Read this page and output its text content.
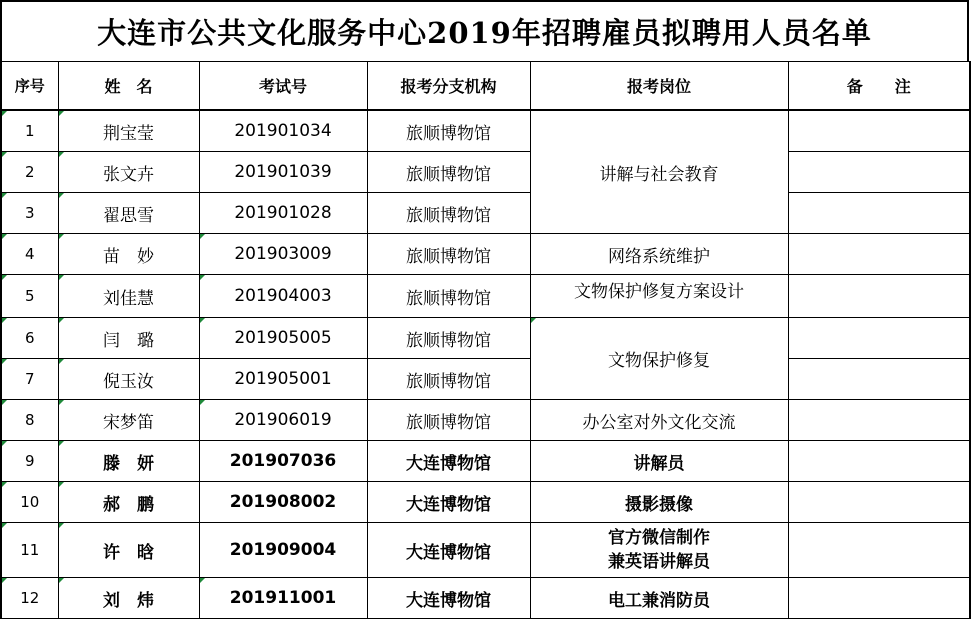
大连市公共文化服务中心2019年招聘雇员拟聘用人员名单
序号	姓　名	考试号	报考分支机构	报考岗位	备　　注
1	荆宝莹	201901034	旅顺博物馆	讲解与社会教育	
2	张文卉	201901039	旅顺博物馆		
3	翟思雪	201901028	旅顺博物馆		
4	苗　妙	201903009	旅顺博物馆	网络系统维护	
5	刘佳慧	201904003	旅顺博物馆	文物保护修复方案设计	
6	闫　璐	201905005	旅顺博物馆	文物保护修复	
7	倪玉汝	201905001	旅顺博物馆		
8	宋梦笛	201906019	旅顺博物馆	办公室对外文化交流	
9	滕　妍	201907036	大连博物馆	讲解员	
10	郝　鹏	201908002	大连博物馆	摄影摄像	
11	许　晗	201909004	大连博物馆	官方微信制作
兼英语讲解员	

12	刘　炜	201911001	大连博物馆	电工兼消防员	
